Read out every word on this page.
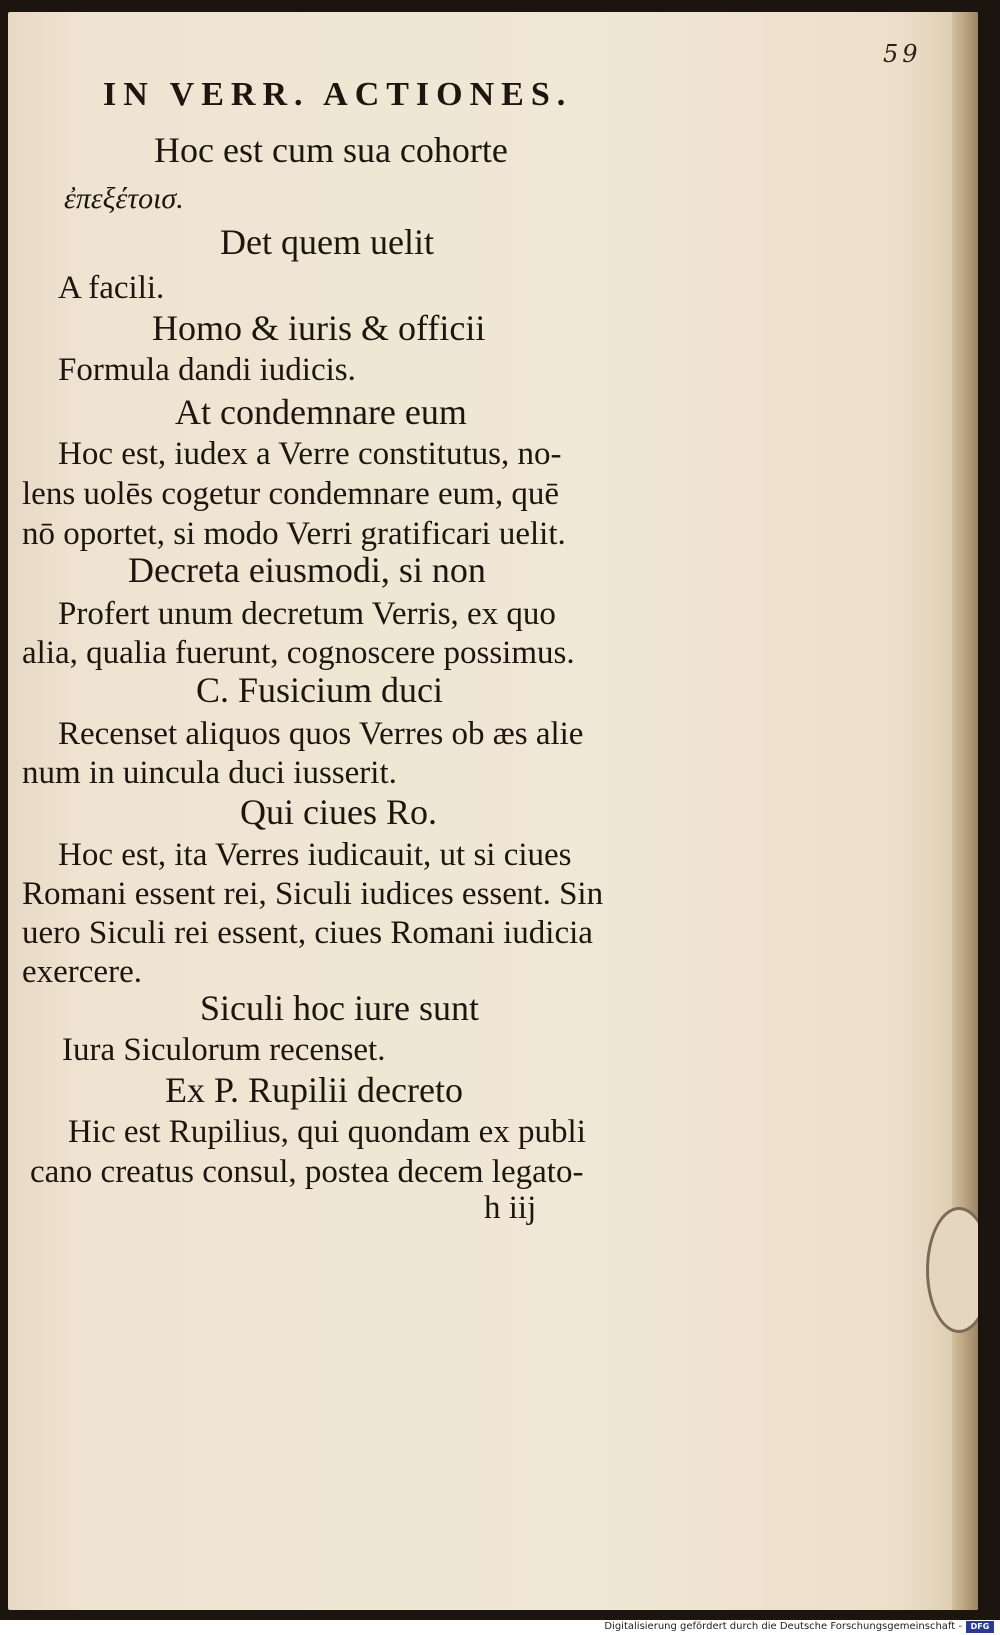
59
IN VERR. ACTIONES.
Hoc est cum sua cohorte
ἐπεξέτοισ.
Det quem uelit
A facili.
Homo & iuris & officii
Formula dandi iudicis.
At condemnare eum
Hoc est, iudex a Verre constitutus, no-
lens uolēs cogetur condemnare eum, quē
nō oportet, si modo Verri gratificari uelit.
Decreta eiusmodi, si non
Profert unum decretum Verris, ex quo
alia, qualia fuerunt, cognoscere possimus.
C. Fusicium duci
Recenset aliquos quos Verres ob æs alie
num in uincula duci iusserit.
Qui ciues Ro.
Hoc est, ita Verres iudicauit, ut si ciues
Romani essent rei, Siculi iudices essent. Sin
uero Siculi rei essent, ciues Romani iudicia
exercere.
Siculi hoc iure sunt
Iura Siculorum recenset.
Ex P. Rupilii decreto
Hic est Rupilius, qui quondam ex publi
cano creatus consul, postea decem legato-
h iij
Digitalisierung gefördert durch die Deutsche Forschungsgemeinschaft -	DFG
